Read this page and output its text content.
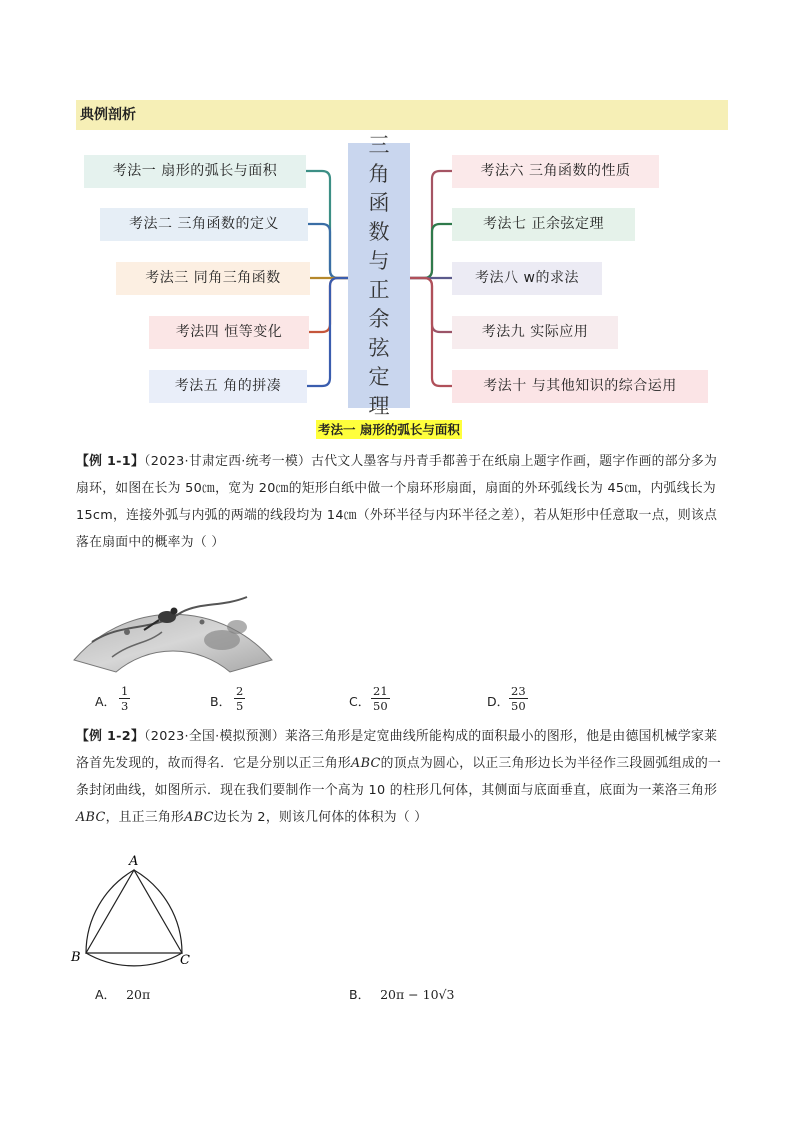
典例剖析
考法一 扇形的弧长与面积
考法二 三角函数的定义
考法三 同角三角函数
考法四 恒等变化
考法五 角的拼凑
三
角
函
数
与
正
余
弦
定
理
考法六 三角函数的性质
考法七 正余弦定理
考法八 w的求法
考法九 实际应用
考法十 与其他知识的综合运用
考法一 扇形的弧长与面积
【例 1-1】（2023·甘肃定西·统考一模）古代文人墨客与丹青手都善于在纸扇上题字作画，题字作画的部分多为扇环，如图在长为 50㎝，宽为 20㎝的矩形白纸中做一个扇环形扇面，扇面的外环弧线长为 45㎝，内弧线长为 15cm，连接外弧与内弧的两端的线段均为 14㎝（外环半径与内环半径之差），若从矩形中任意取一点，则该点落在扇面中的概率为（ ）
A． $\frac{1}{3}$	B． $\frac{2}{5}$	C． $\frac{21}{50}$	D． $\frac{23}{50}$
【例 1-2】（2023·全国·模拟预测）莱洛三角形是定宽曲线所能构成的面积最小的图形，他是由德国机械学家莱洛首先发现的，故而得名．它是分别以正三角形ABC的顶点为圆心，以正三角形边长为半径作三段圆弧组成的一条封闭曲线，如图所示．现在我们要制作一个高为 10 的柱形几何体，其侧面与底面垂直，底面为一莱洛三角形ABC，且正三角形ABC边长为 2，则该几何体的体积为（ ）
A
B	C
A． 20π	B． 20π − 10√3
